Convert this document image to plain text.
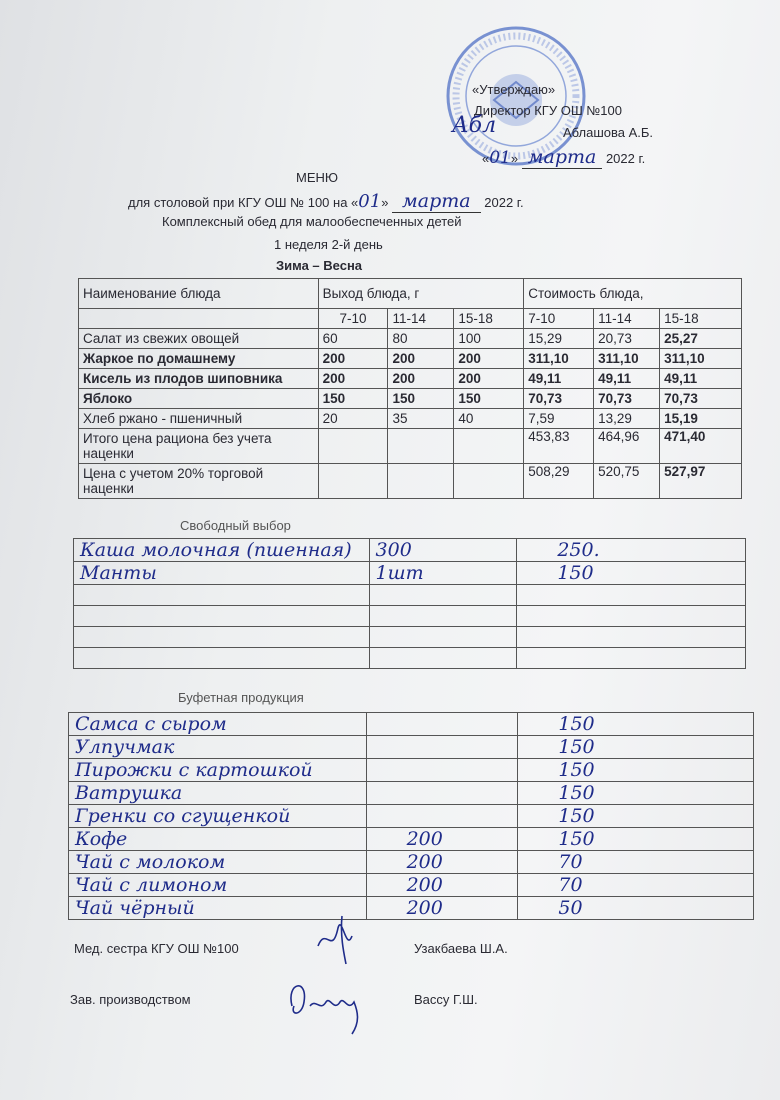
«Утверждаю»
Директор КГУ ОШ №100
Абл	Аблашова А.Б.
«01» марта 2022 г.
МЕНЮ
для столовой при КГУ ОШ № 100 на «01» марта 2022 г.
Комплексный обед для малообеспеченных детей
1 неделя 2-й день
Зима – Весна
Наименование блюда	Выход блюда, г			Стоимость блюда,		
	7-10	11-14	15-18	7-10	11-14	15-18
Салат из свежих овощей	60	80	100	15,29	20,73	25,27
Жаркое по домашнему	200	200	200	311,10	311,10	311,10
Кисель из плодов шиповника	200	200	200	49,11	49,11	49,11
Яблоко	150	150	150	70,73	70,73	70,73
Хлеб ржано - пшеничный	20	35	40	7,59	13,29	15,19
Итого цена рациона без учета наценки				453,83	464,96	471,40
Цена с учетом 20% торговой наценки				508,29	520,75	527,97
Свободный выбор
Каша молочная (пшенная)	300	250.
Манты	1шт	150

Буфетная продукция
Самса с сыром		150
Улпучмак		150
Пирожки с картошкой		150
Ватрушка		150
Гренки со сгущенкой		150
Кофе	200	150
Чай с молоком	200	70
Чай с лимоном	200	70
Чай чёрный	200	50
Мед. сестра КГУ ОШ №100	Узакбаева Ш.А.
Зав. производством	Вассу Г.Ш.
